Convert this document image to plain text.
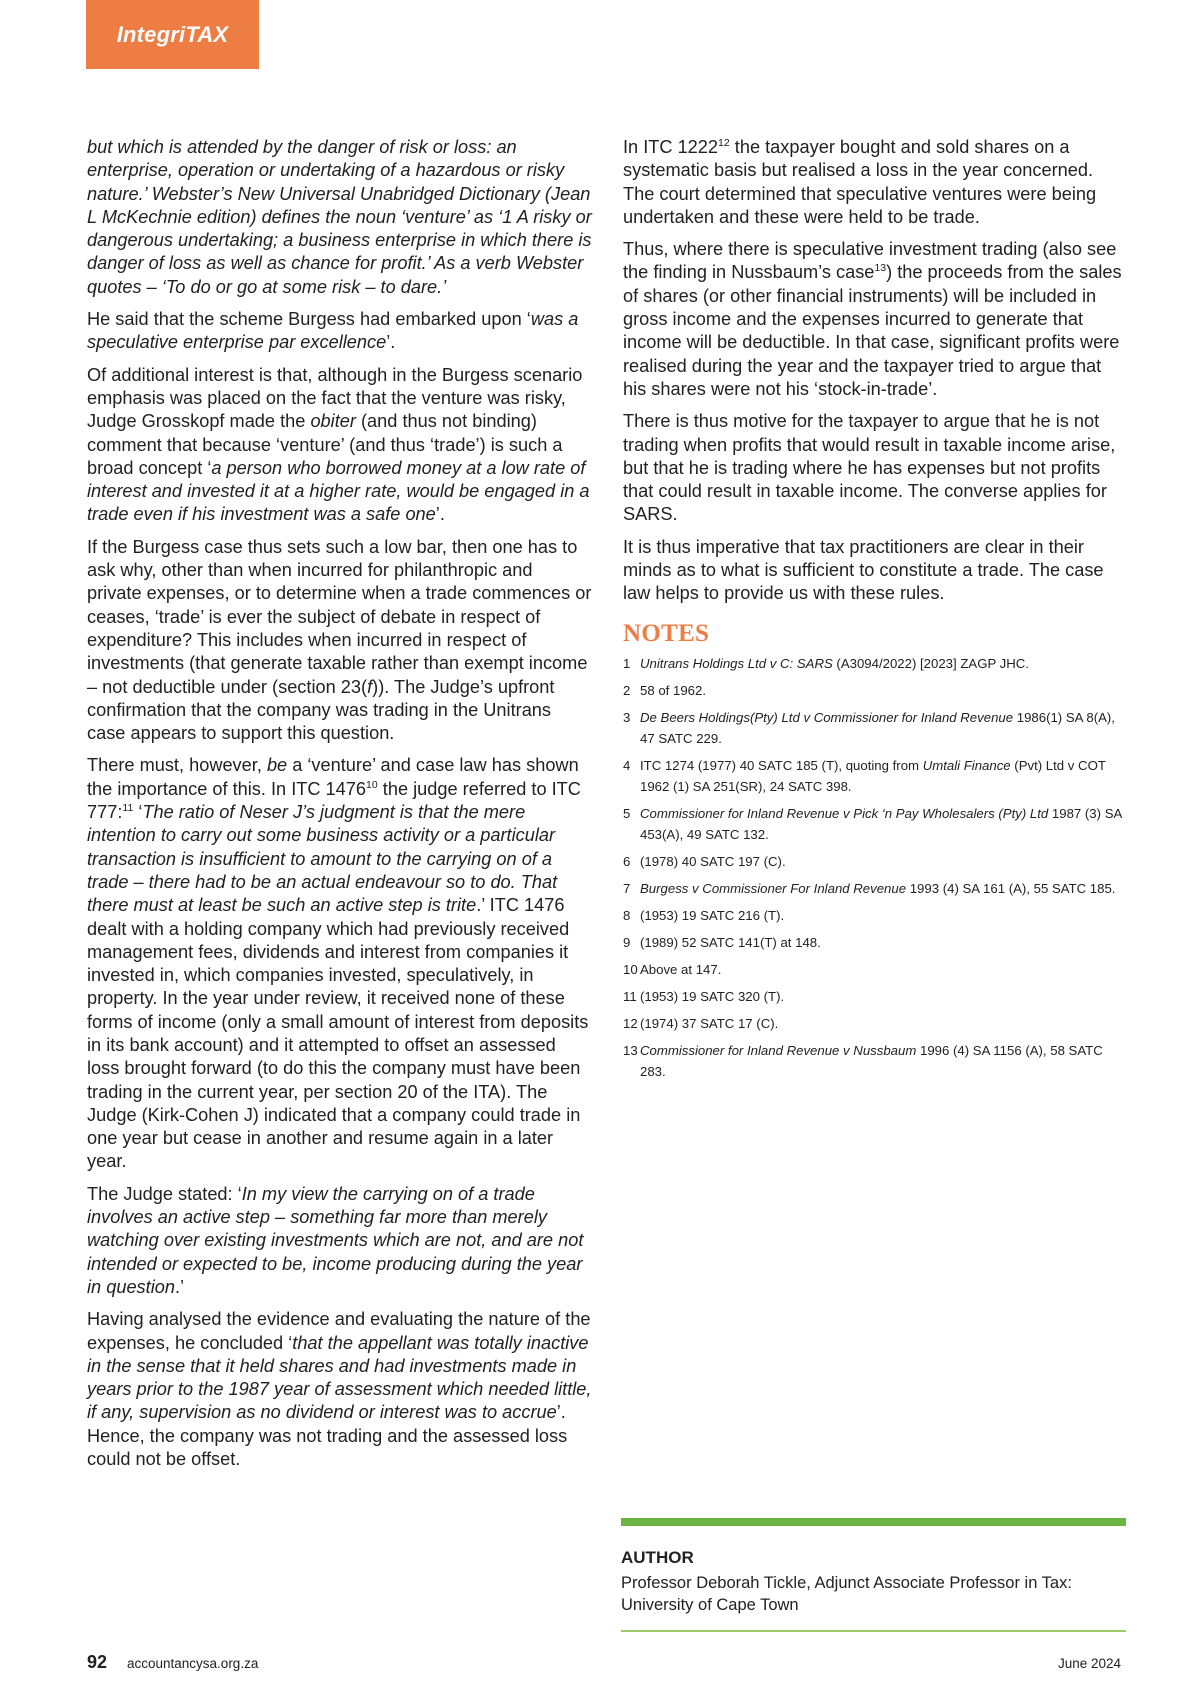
IntegriTAX

but which is attended by the danger of risk or loss: an enterprise, operation or undertaking of a hazardous or risky nature.’ Webster’s New Universal Unabridged Dictionary (Jean L McKechnie edition) defines the noun ‘venture’ as ‘1 A risky or dangerous undertaking; a business enterprise in which there is danger of loss as well as chance for profit.’ As a verb Webster quotes – ‘To do or go at some risk – to dare.’

He said that the scheme Burgess had embarked upon ‘was a speculative enterprise par excellence’.

Of additional interest is that, although in the Burgess scenario emphasis was placed on the fact that the venture was risky, Judge Grosskopf made the obiter (and thus not binding) comment that because ‘venture’ (and thus ‘trade’) is such a broad concept ‘a person who borrowed money at a low rate of interest and invested it at a higher rate, would be engaged in a trade even if his investment was a safe one’.

If the Burgess case thus sets such a low bar, then one has to ask why, other than when incurred for philanthropic and private expenses, or to determine when a trade commences or ceases, ‘trade’ is ever the subject of debate in respect of expenditure? This includes when incurred in respect of investments (that generate taxable rather than exempt income – not deductible under (section 23(f)). The Judge’s upfront confirmation that the company was trading in the Unitrans case appears to support this question.

There must, however, be a ‘venture’ and case law has shown the importance of this. In ITC 1476$^{10}$ the judge referred to ITC 777:$^{11}$ ‘The ratio of Neser J’s judgment is that the mere intention to carry out some business activity or a particular transaction is insufficient to amount to the carrying on of a trade – there had to be an actual endeavour so to do. That there must at least be such an active step is trite.’ ITC 1476 dealt with a holding company which had previously received management fees, dividends and interest from companies it invested in, which companies invested, speculatively, in property. In the year under review, it received none of these forms of income (only a small amount of interest from deposits in its bank account) and it attempted to offset an assessed loss brought forward (to do this the company must have been trading in the current year, per section 20 of the ITA). The Judge (Kirk-Cohen J) indicated that a company could trade in one year but cease in another and resume again in a later year.

The Judge stated: ‘In my view the carrying on of a trade involves an active step – something far more than merely watching over existing investments which are not, and are not intended or expected to be, income producing during the year in question.’

Having analysed the evidence and evaluating the nature of the expenses, he concluded ‘that the appellant was totally inactive in the sense that it held shares and had investments made in years prior to the 1987 year of assessment which needed little, if any, supervision as no dividend or interest was to accrue’. Hence, the company was not trading and the assessed loss could not be offset.

In ITC 1222$^{12}$ the taxpayer bought and sold shares on a systematic basis but realised a loss in the year concerned. The court determined that speculative ventures were being undertaken and these were held to be trade.

Thus, where there is speculative investment trading (also see the finding in Nussbaum’s case$^{13}$) the proceeds from the sales of shares (or other financial instruments) will be included in gross income and the expenses incurred to generate that income will be deductible. In that case, significant profits were realised during the year and the taxpayer tried to argue that his shares were not his ‘stock-in-trade’.

There is thus motive for the taxpayer to argue that he is not trading when profits that would result in taxable income arise, but that he is trading where he has expenses but not profits that could result in taxable income. The converse applies for SARS.

It is thus imperative that tax practitioners are clear in their minds as to what is sufficient to constitute a trade. The case law helps to provide us with these rules.

NOTES
1 Unitrans Holdings Ltd v C: SARS (A3094/2022) [2023] ZAGP JHC.
2 58 of 1962.
3 De Beers Holdings(Pty) Ltd v Commissioner for Inland Revenue 1986(1) SA 8(A), 47 SATC 229.
4 ITC 1274 (1977) 40 SATC 185 (T), quoting from Umtali Finance (Pvt) Ltd v COT 1962 (1) SA 251(SR), 24 SATC 398.
5 Commissioner for Inland Revenue v Pick ‘n Pay Wholesalers (Pty) Ltd 1987 (3) SA 453(A), 49 SATC 132.
6 (1978) 40 SATC 197 (C).
7 Burgess v Commissioner For Inland Revenue 1993 (4) SA 161 (A), 55 SATC 185.
8 (1953) 19 SATC 216 (T).
9 (1989) 52 SATC 141(T) at 148.
10 Above at 147.
11 (1953) 19 SATC 320 (T).
12 (1974) 37 SATC 17 (C).
13 Commissioner for Inland Revenue v Nussbaum 1996 (4) SA 1156 (A), 58 SATC 283.
AUTHOR
Professor Deborah Tickle, Adjunct Associate Professor in Tax: University of Cape Town
92 accountancysa.org.za	June 2024
